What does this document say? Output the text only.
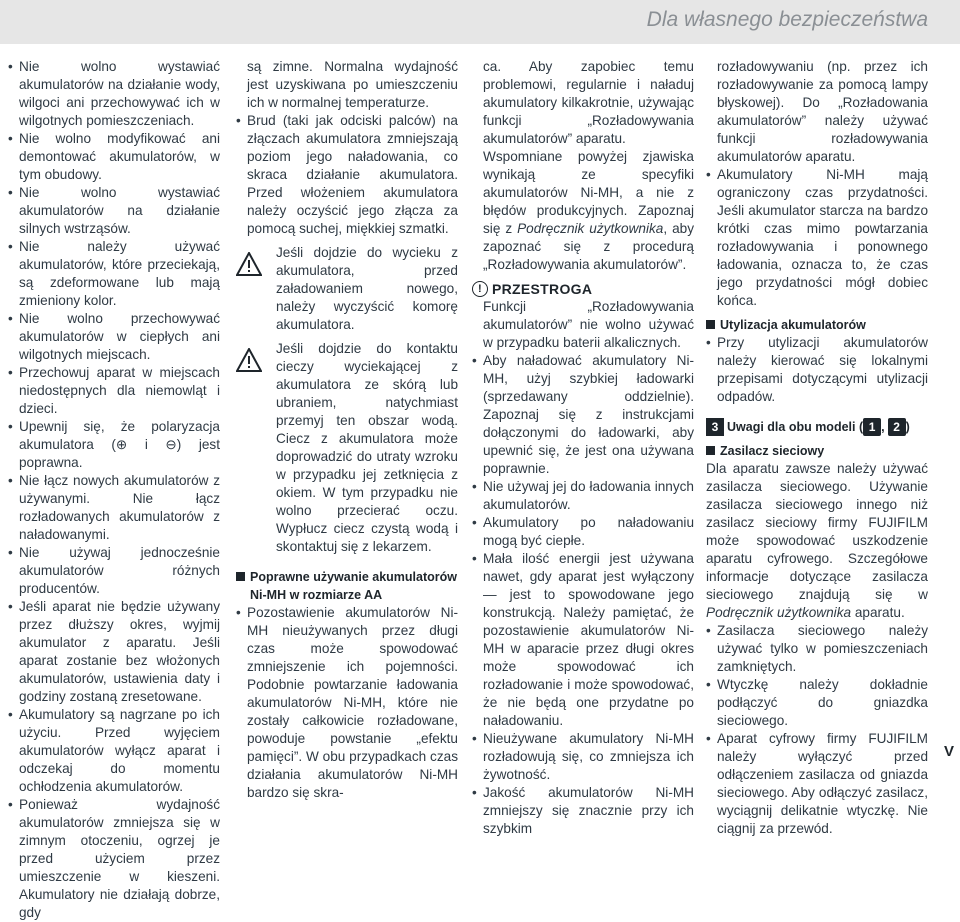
Dla własnego bezpieczeństwa
• Nie wolno wystawiać akumulatorów na działanie wody, wilgoci ani przechowywać ich w wilgotnych pomieszczeniach.
• Nie wolno modyfikować ani demontować akumulatorów, w tym obudowy.
• Nie wolno wystawiać akumulatorów na działanie silnych wstrząsów.
• Nie należy używać akumulatorów, które przeciekają, są zdeformowane lub mają zmieniony kolor.
• Nie wolno przechowywać akumulatorów w ciepłych ani wilgotnych miejscach.
• Przechowuj aparat w miejscach niedostępnych dla niemowląt i dzieci.
• Upewnij się, że polaryzacja akumulatora (⊕ i ⊖) jest poprawna.
• Nie łącz nowych akumulatorów z używanymi. Nie łącz rozładowanych akumulatorów z naładowanymi.
• Nie używaj jednocześnie akumulatorów różnych producentów.
• Jeśli aparat nie będzie używany przez dłuższy okres, wyjmij akumulator z aparatu. Jeśli aparat zostanie bez włożonych akumulatorów, ustawienia daty i godziny zostaną zresetowane.
• Akumulatory są nagrzane po ich użyciu. Przed wyjęciem akumulatorów wyłącz aparat i odczekaj do momentu ochłodzenia akumulatorów.
• Ponieważ wydajność akumulatorów zmniejsza się w zimnym otoczeniu, ogrzej je przed użyciem przez umieszczenie w kieszeni. Akumulatory nie działają dobrze, gdy

są zimne. Normalna wydajność jest uzyskiwana po umieszczeniu ich w normalnej temperaturze.

• Brud (taki jak odciski palców) na złączach akumulatora zmniejszają poziom jego naładowania, co skraca działanie akumulatora. Przed włożeniem akumulatora należy oczyścić jego złącza za pomocą suchej, miękkiej szmatki.

Jeśli dojdzie do wycieku z akumulatora, przed załadowaniem nowego, należy wyczyścić komorę akumulatora.

Jeśli dojdzie do kontaktu cieczy wyciekającej z akumulatora ze skórą lub ubraniem, natychmiast przemyj ten obszar wodą. Ciecz z akumulatora może doprowadzić do utraty wzroku w przypadku jej zetknięcia z okiem. W tym przypadku nie wolno przecierać oczu. Wypłucz ciecz czystą wodą i skontaktuj się z lekarzem.

Poprawne używanie akumulatorów
Ni-MH w rozmiarze AA
• Pozostawienie akumulatorów Ni-MH nieużywanych przez długi czas może spowodować zmniejszenie ich pojemności. Podobnie powtarzanie ładowania akumulatorów Ni-MH, które nie zostały całkowicie rozładowane, powoduje powstanie „efektu pamięci”. W obu przypadkach czas działania akumulatorów Ni-MH bardzo się skra-

ca. Aby zapobiec temu problemowi, regularnie i naładuj akumulatory kilkakrotnie, używając funkcji „Rozładowywania akumulatorów” aparatu.

Wspomniane powyżej zjawiska wynikają ze specyfiki akumulatorów Ni-MH, a nie z błędów produkcyjnych. Zapoznaj się z Podręcznik użytkownika, aby zapoznać się z procedurą „Rozładowywania akumulatorów”.

! PRZESTROGA

Funkcji „Rozładowywania akumulatorów” nie wolno używać w przypadku baterii alkalicznych.

• Aby naładować akumulatory Ni-MH, użyj szybkiej ładowarki (sprzedawany oddzielnie). Zapoznaj się z instrukcjami dołączonymi do ładowarki, aby upewnić się, że jest ona używana poprawnie.
• Nie używaj jej do ładowania innych akumulatorów.
• Akumulatory po naładowaniu mogą być ciepłe.
• Mała ilość energii jest używana nawet, gdy aparat jest wyłączony — jest to spowodowane jego konstrukcją. Należy pamiętać, że pozostawienie akumulatorów Ni-MH w aparacie przez długi okres może spowodować ich rozładowanie i może spowodować, że nie będą one przydatne po naładowaniu.
• Nieużywane akumulatory Ni-MH rozładowują się, co zmniejsza ich żywotność.
• Jakość akumulatorów Ni-MH zmniejszy się znacznie przy ich szybkim

rozładowywaniu (np. przez ich rozładowywanie za pomocą lampy błyskowej). Do „Rozładowania akumulatorów” należy używać funkcji rozładowywania akumulatorów aparatu.

• Akumulatory Ni-MH mają ograniczony czas przydatności. Jeśli akumulator starcza na bardzo krótki czas mimo powtarzania rozładowywania i ponownego ładowania, oznacza to, że czas jego przydatności mógł dobiec końca.
Utylizacja akumulatorów
• Przy utylizacji akumulatorów należy kierować się lokalnymi przepisami dotyczącymi utylizacji odpadów.
3 Uwagi dla obu modeli ( 1 , 2 )
Zasilacz sieciowy

Dla aparatu zawsze należy używać zasilacza sieciowego. Używanie zasilacza sieciowego innego niż zasilacz sieciowy firmy FUJIFILM może spowodować uszkodzenie aparatu cyfrowego. Szczegółowe informacje dotyczące zasilacza sieciowego znajdują się w Podręcznik użytkownika aparatu.

• Zasilacza sieciowego należy używać tylko w pomieszczeniach zamkniętych.
• Wtyczkę należy dokładnie podłączyć do gniazdka sieciowego.
• Aparat cyfrowy firmy FUJIFILM należy wyłączyć przed odłączeniem zasilacza od gniazda sieciowego. Aby odłączyć zasilacz, wyciągnij delikatnie wtyczkę. Nie ciągnij za przewód.
V
